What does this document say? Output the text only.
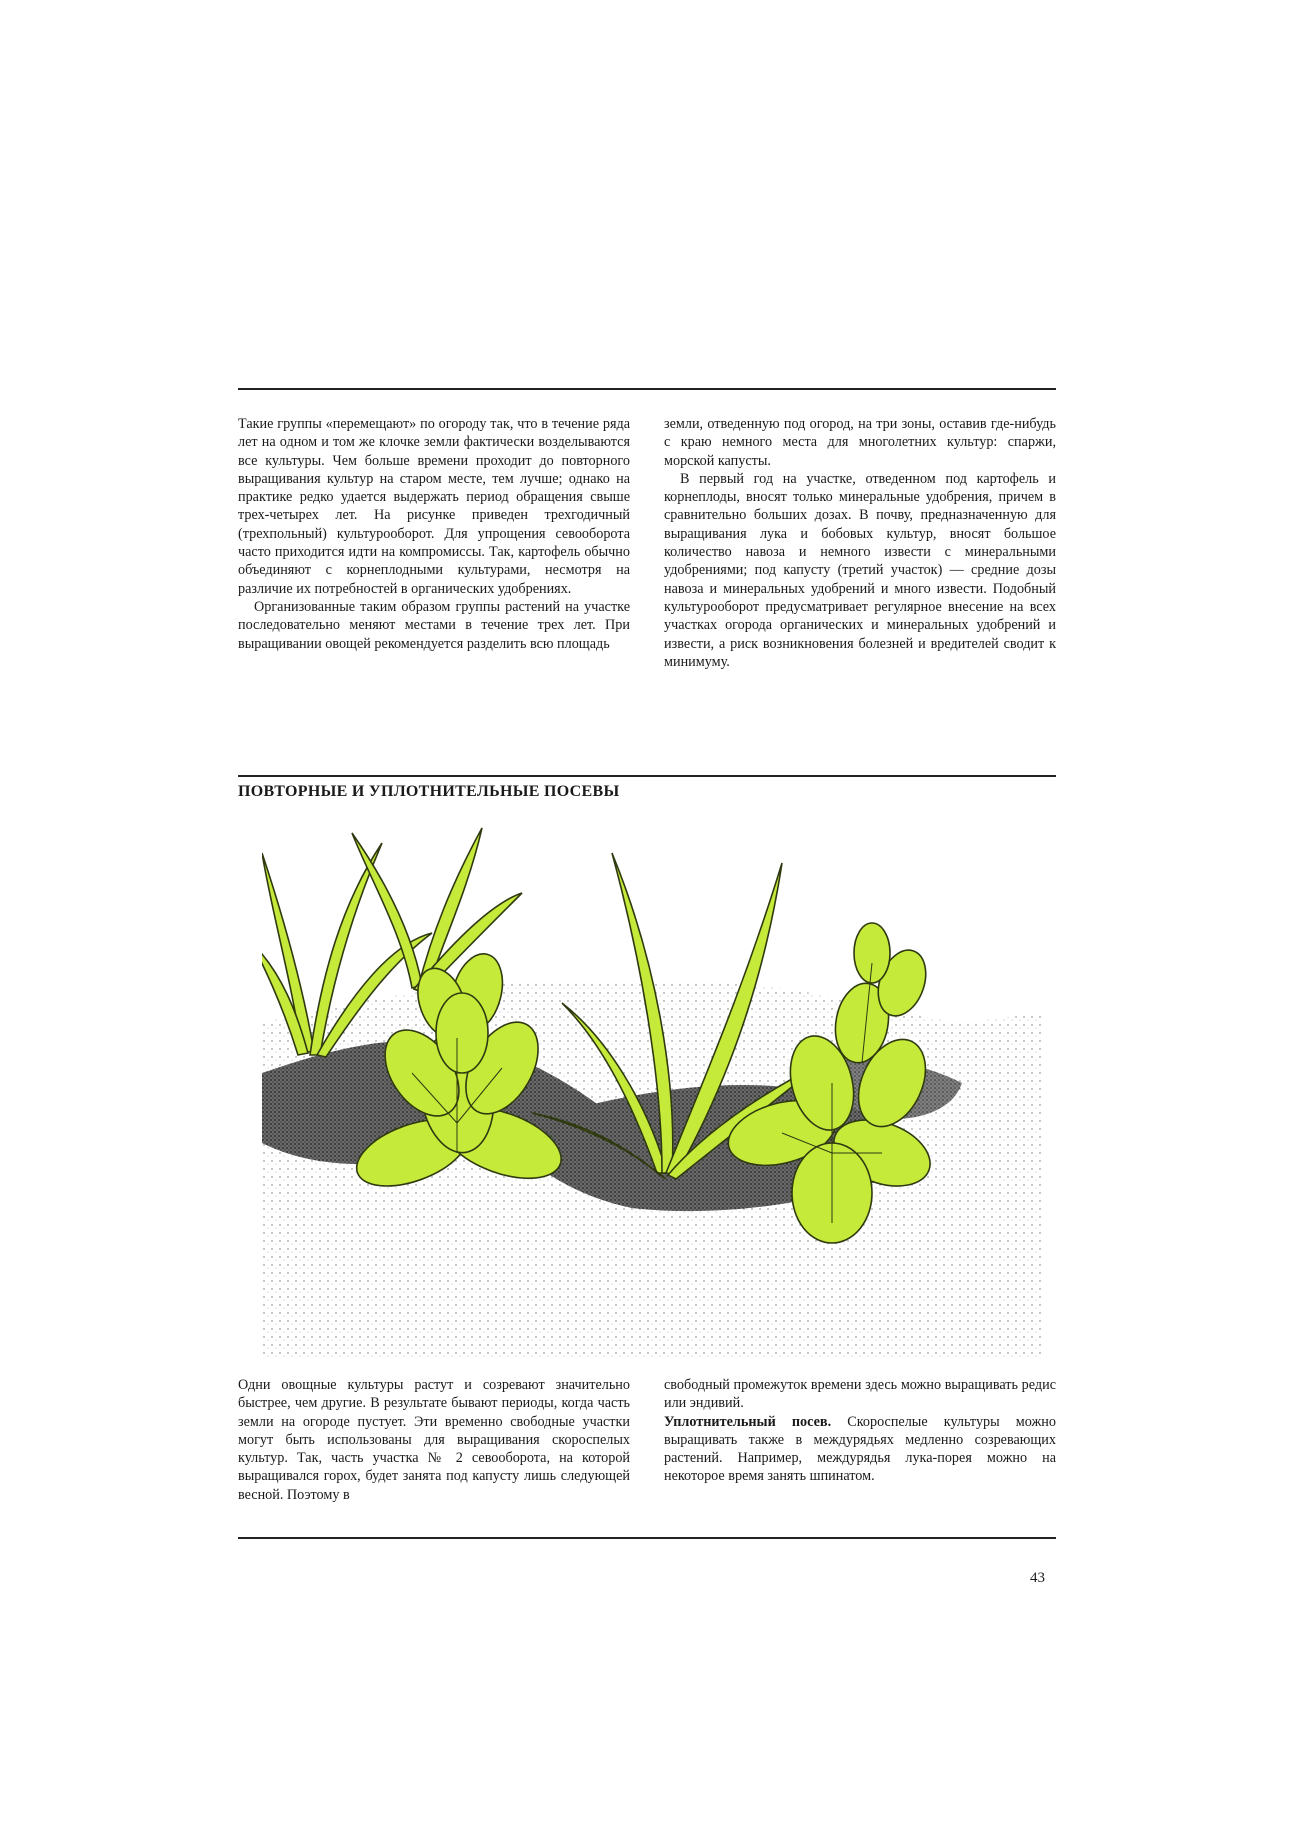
Такие группы «перемещают» по огороду так, что в течение ряда лет на одном и том же клочке земли фактически возделываются все культуры. Чем больше времени проходит до повторного выращивания культур на старом месте, тем лучше; однако на практике редко удается выдержать период обращения свыше трех-четырех лет. На рисунке приведен трехгодичный (трехпольный) культурооборот. Для упрощения севооборота часто приходится идти на компромиссы. Так, картофель обычно объединяют с корнеплодными культурами, несмотря на различие их потребностей в органических удобрениях.

Организованные таким образом группы растений на участке последовательно меняют местами в течение трех лет. При выращивании овощей рекомендуется разделить всю площадь

земли, отведенную под огород, на три зоны, оставив где-нибудь с краю немного места для многолетних культур: спаржи, морской капусты.

В первый год на участке, отведенном под картофель и корнеплоды, вносят только минеральные удобрения, причем в сравнительно больших дозах. В почву, предназначенную для выращивания лука и бобовых культур, вносят большое количество навоза и немного извести с минеральными удобрениями; под капусту (третий участок) — средние дозы навоза и минеральных удобрений и много извести. Подобный культурооборот предусматривает регулярное внесение на всех участках огорода органических и минеральных удобрений и извести, а риск возникновения болезней и вредителей сводит к минимуму.

ПОВТОРНЫЕ И УПЛОТНИТЕЛЬНЫЕ ПОСЕВЫ

Одни овощные культуры растут и созревают значительно быстрее, чем другие. В результате бывают периоды, когда часть земли на огороде пустует. Эти временно свободные участки могут быть использованы для выращивания скороспелых культур. Так, часть участка № 2 севооборота, на которой выращивался горох, будет занята под капусту лишь следующей весной. Поэтому в

свободный промежуток времени здесь можно выращивать редис или эндивий.

Уплотнительный посев. Скороспелые культуры можно выращивать также в междурядьях медленно созревающих растений. Например, междурядья лука-порея можно на некоторое время занять шпинатом.

43
